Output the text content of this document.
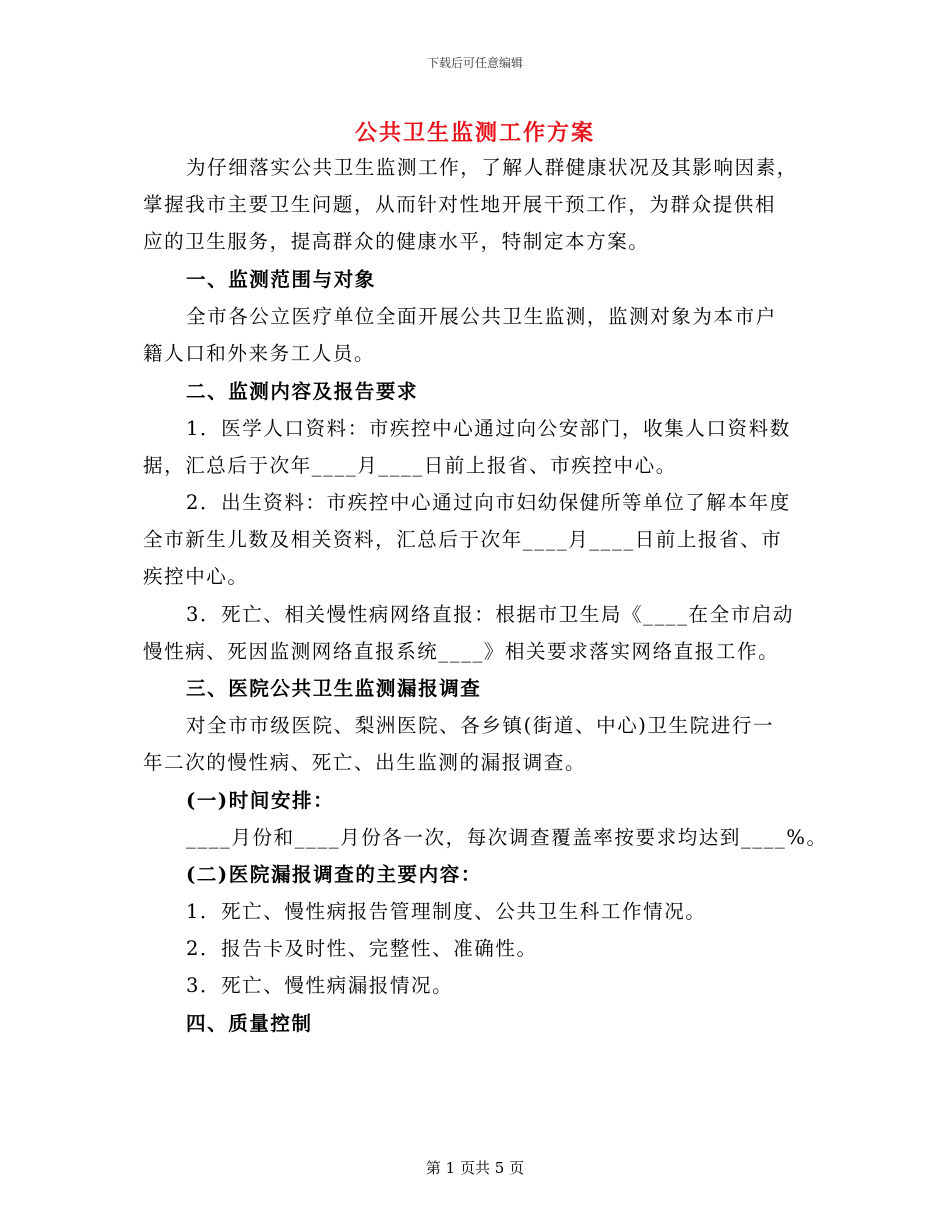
下载后可任意编辑
公共卫生监测工作方案
为仔细落实公共卫生监测工作，了解人群健康状况及其影响因素，
掌握我市主要卫生问题，从而针对性地开展干预工作，为群众提供相
应的卫生服务，提高群众的健康水平，特制定本方案。
一、监测范围与对象
全市各公立医疗单位全面开展公共卫生监测，监测对象为本市户
籍人口和外来务工人员。
二、监测内容及报告要求
1．医学人口资料：市疾控中心通过向公安部门，收集人口资料数
据，汇总后于次年____月____日前上报省、市疾控中心。
2．出生资料：市疾控中心通过向市妇幼保健所等单位了解本年度
全市新生儿数及相关资料，汇总后于次年____月____日前上报省、市
疾控中心。
3．死亡、相关慢性病网络直报：根据市卫生局《____在全市启动
慢性病、死因监测网络直报系统____》相关要求落实网络直报工作。
三、医院公共卫生监测漏报调查
对全市市级医院、梨洲医院、各乡镇(街道、中心)卫生院进行一
年二次的慢性病、死亡、出生监测的漏报调查。
(一)时间安排：
____月份和____月份各一次，每次调查覆盖率按要求均达到____%。
(二)医院漏报调查的主要内容：
1．死亡、慢性病报告管理制度、公共卫生科工作情况。
2．报告卡及时性、完整性、准确性。
3．死亡、慢性病漏报情况。
四、质量控制
第 1 页共 5 页
